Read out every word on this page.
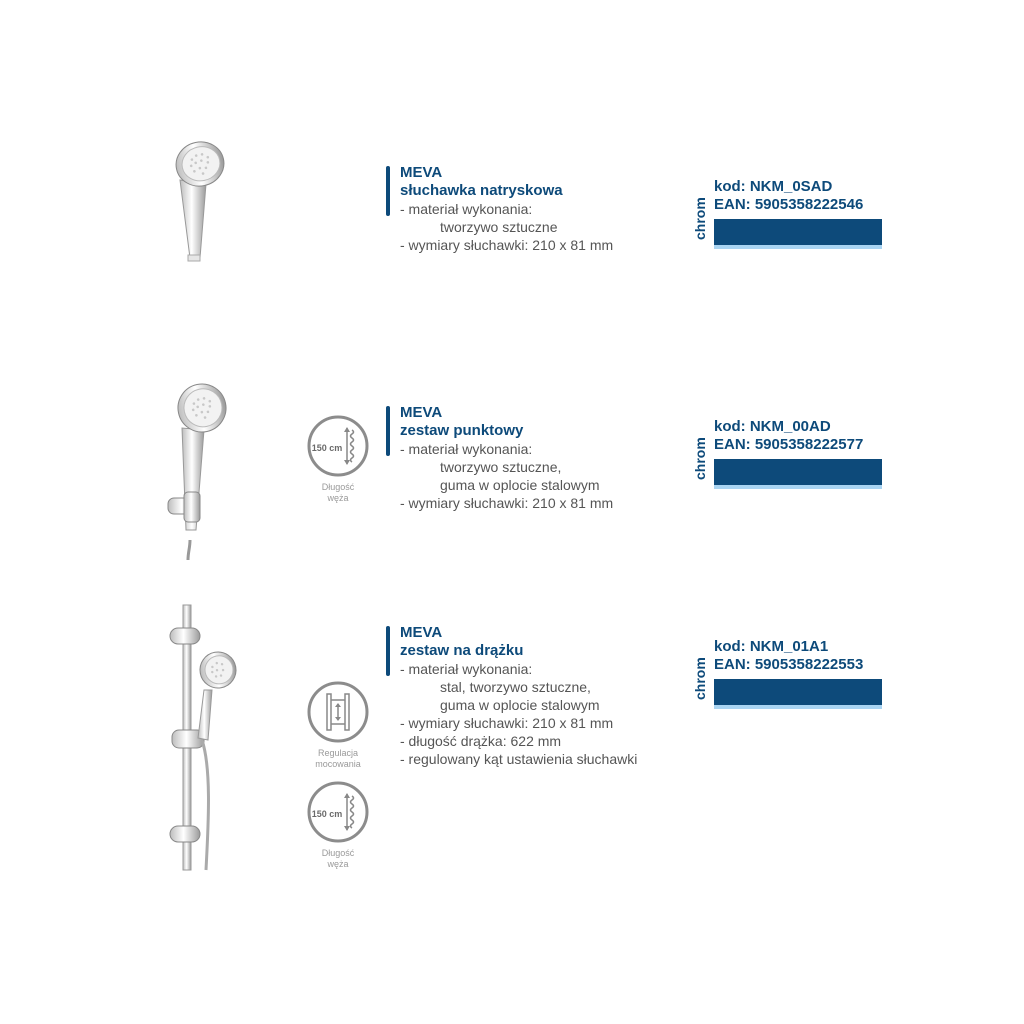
MEVA
słuchawka natryskowa
- materiał wykonania:
tworzywo sztuczne
- wymiary słuchawki: 210 x 81 mm
chrom
kod: NKM_0SAD
EAN: 5905358222546
150 cm
Długość
węża
MEVA
zestaw punktowy
- materiał wykonania:
tworzywo sztuczne,
guma w oplocie stalowym
- wymiary słuchawki: 210 x 81 mm
chrom
kod: NKM_00AD
EAN: 5905358222577
Regulacja
mocowania
150 cm
Długość
węża
MEVA
zestaw na drążku
- materiał wykonania:
stal, tworzywo sztuczne,
guma w oplocie stalowym
- wymiary słuchawki: 210 x 81 mm
- długość drążka: 622 mm
- regulowany kąt ustawienia słuchawki
chrom
kod: NKM_01A1
EAN: 5905358222553
